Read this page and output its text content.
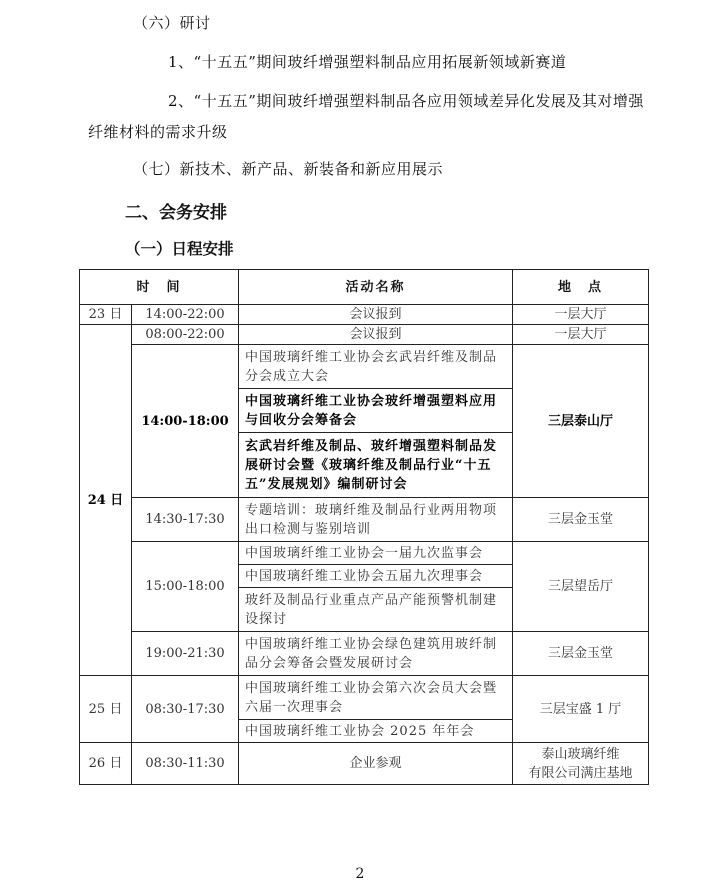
（六）研讨
1、“十五五”期间玻纤增强塑料制品应用拓展新领域新赛道
2、“十五五”期间玻纤增强塑料制品各应用领域差异化发展及其对增强
纤维材料的需求升级
（七）新技术、新产品、新装备和新应用展示
二、会务安排
（一）日程安排
时　间		活动名称	地　点
23 日	14:00-22:00	会议报到	一层大厅
24 日	08:00-22:00	会议报到	一层大厅
	14:00-18:00	中国玻璃纤维工业协会玄武岩纤维及制品分会成立大会	三层泰山厅
		中国玻璃纤维工业协会玻纤增强塑料应用与回收分会筹备会	
		玄武岩纤维及制品、玻纤增强塑料制品发展研讨会暨《玻璃纤维及制品行业“十五五”发展规划》编制研讨会	
	14:30-17:30	专题培训：玻璃纤维及制品行业两用物项出口检测与鉴别培训	三层金玉堂
	15:00-18:00	中国玻璃纤维工业协会一届九次监事会	三层望岳厅
		中国玻璃纤维工业协会五届九次理事会	
		玻纤及制品行业重点产品产能预警机制建设探讨	
	19:00-21:30	中国玻璃纤维工业协会绿色建筑用玻纤制品分会筹备会暨发展研讨会	三层金玉堂
25 日	08:30-17:30	中国玻璃纤维工业协会第六次会员大会暨六届一次理事会	三层宝盛 1 厅
		中国玻璃纤维工业协会 2025 年年会	
26 日	08:30-11:30	企业参观	泰山玻璃纤维
有限公司满庄基地
2
